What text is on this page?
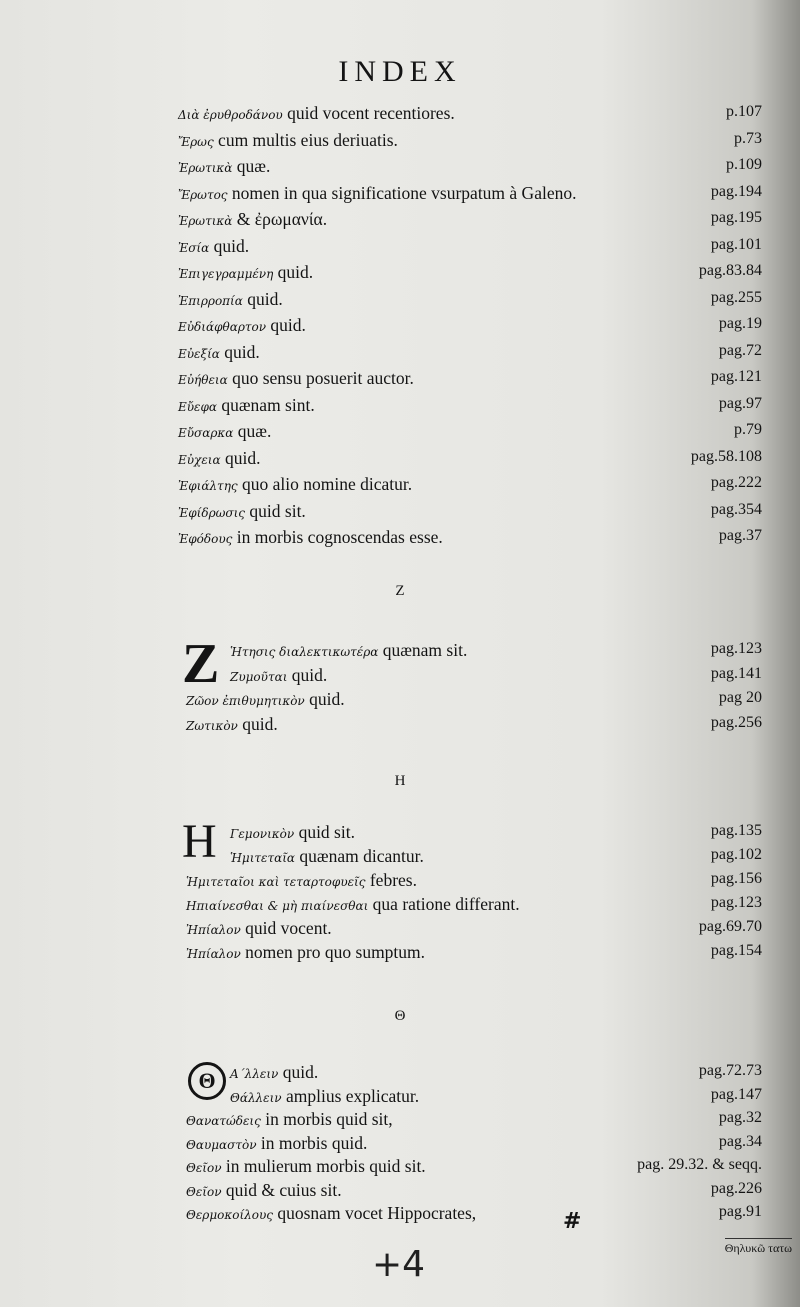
INDEX
Διὰ ἐρυθροδάνου quid vocent recentiores.	p.107
Ἔρως cum multis eius deriuatis.	p.73
Ἐρωτικὰ quæ.	p.109
Ἔρωτος nomen in qua significatione vsurpatum à Galeno.	pag.194
Ἐρωτικὰ & ἐρωμανία.	pag.195
Ἐσία quid.	pag.101
Ἐπιγεγραμμένη quid.	pag.83.84
Ἐπιρροπία quid.	pag.255
Εὐδιάφθαρτον quid.	pag.19
Εὐεξία quid.	pag.72
Εὐήθεια quo sensu posuerit auctor.	pag.121
Εὔεφα quænam sint.	pag.97
Εὔσαρκα quæ.	p.79
Εὐχεια quid.	pag.58.108
Ἐφιάλτης quo alio nomine dicatur.	pag.222
Ἐφίδρωσις quid sit.	pag.354
Ἐφόδους in morbis cognoscendas esse.	pag.37
Z
Z Ἡτησις διαλεκτικωτέρα quænam sit.	pag.123
Ζυμοῦται quid.	pag.141
Ζῶον ἐπιθυμητικὸν quid.	pag 20
Ζωτικὸν quid.	pag.256
H
H Γεμονικὸν quid sit.	pag.135
Ἡμιτεταῖα quænam dicantur.	pag.102
Ἡμιτεταῖοι καὶ τεταρτοφυεῖς febres.	pag.156
Ηπιαίνεσθαι & μὴ πιαίνεσθαι qua ratione differant.	pag.123
Ἠπίαλον quid vocent.	pag.69.70
Ἠπίαλον nomen pro quo sumptum.	pag.154
Θ
Θ	Α´λλειν quid.	pag.72.73
Θάλλειν amplius explicatur.	pag.147
Θανατώδεις in morbis quid sit,	pag.32
Θαυμαστὸν in morbis quid.	pag.34
Θεῖον in mulierum morbis quid sit.	pag. 29.32. & seqq.
Θεῖον quid & cuius sit.	pag.226
Θερμοκοίλους quosnam vocet Hippocrates,	pag.91
#
+4	Θηλυκῶ τατω
